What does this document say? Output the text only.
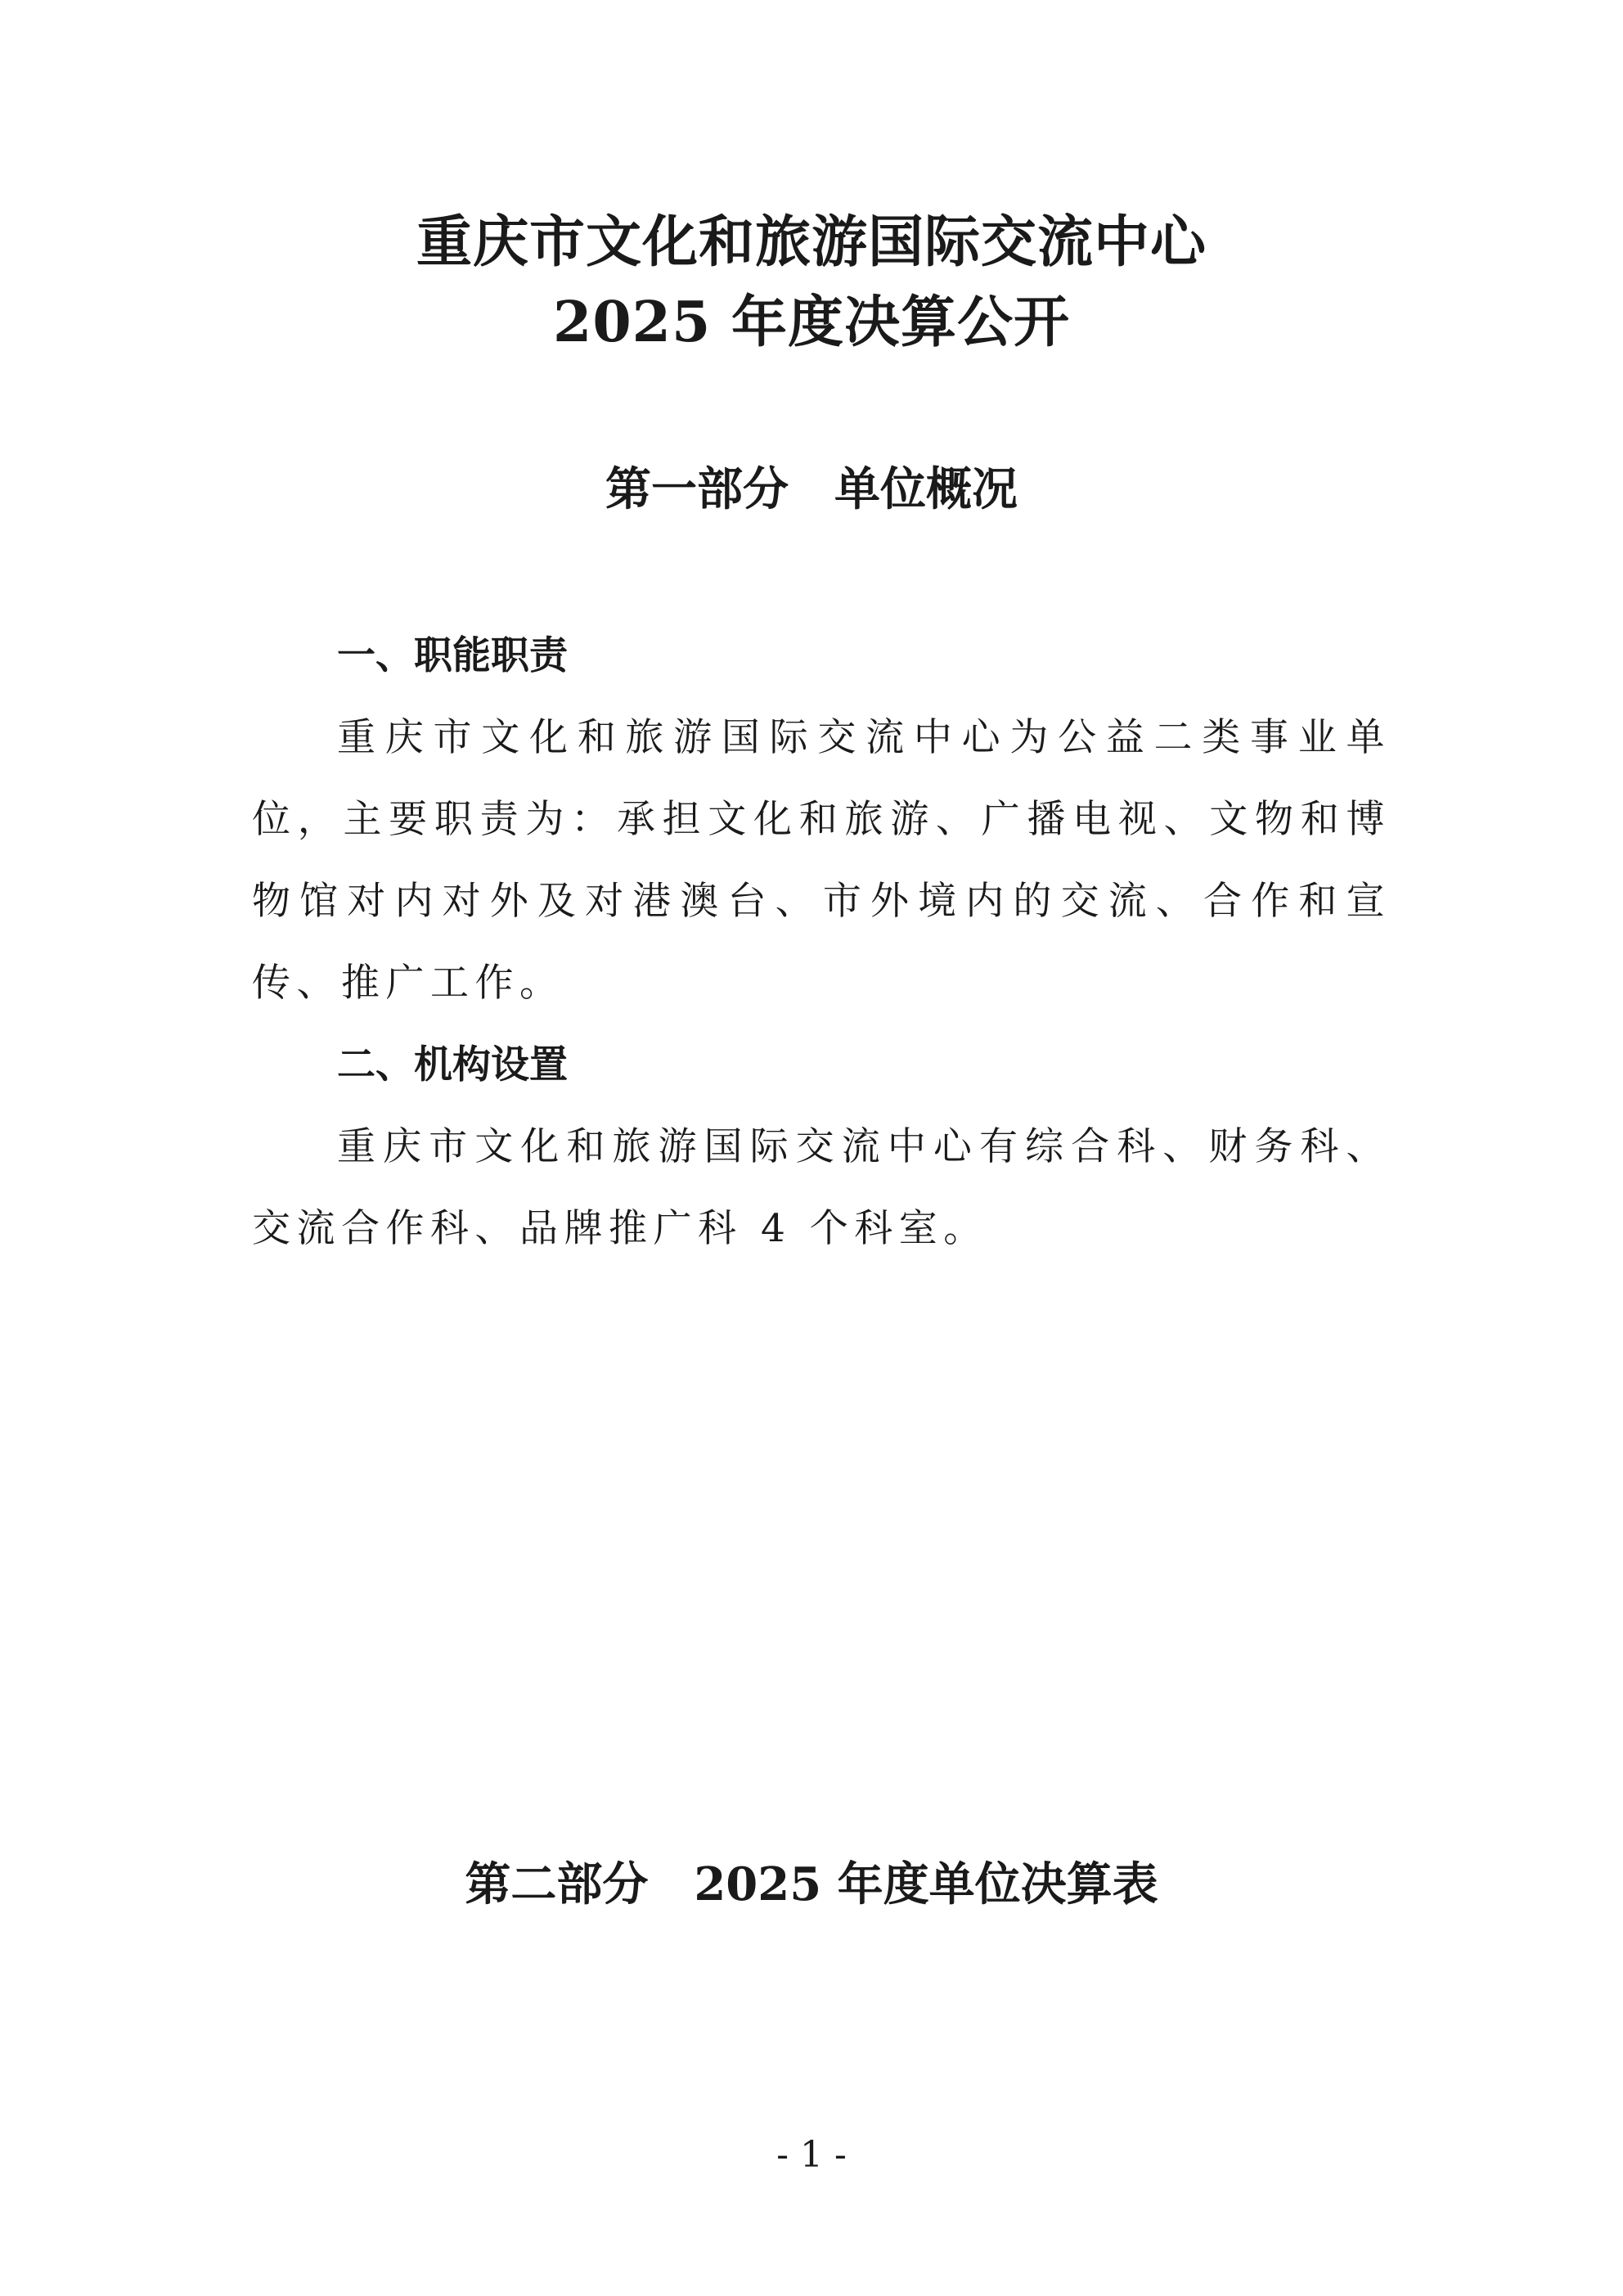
重庆市文化和旅游国际交流中心
2025 年度决算公开
第一部分　单位概况
一、职能职责

重庆市文化和旅游国际交流中心为公益二类事业单位，主要职责为：承担文化和旅游、广播电视、文物和博物馆对内对外及对港澳台、市外境内的交流、合作和宣传、推广工作。

二、机构设置

重庆市文化和旅游国际交流中心有综合科、财务科、交流合作科、品牌推广科 4 个科室。

第二部分　2025 年度单位决算表
- 1 -
